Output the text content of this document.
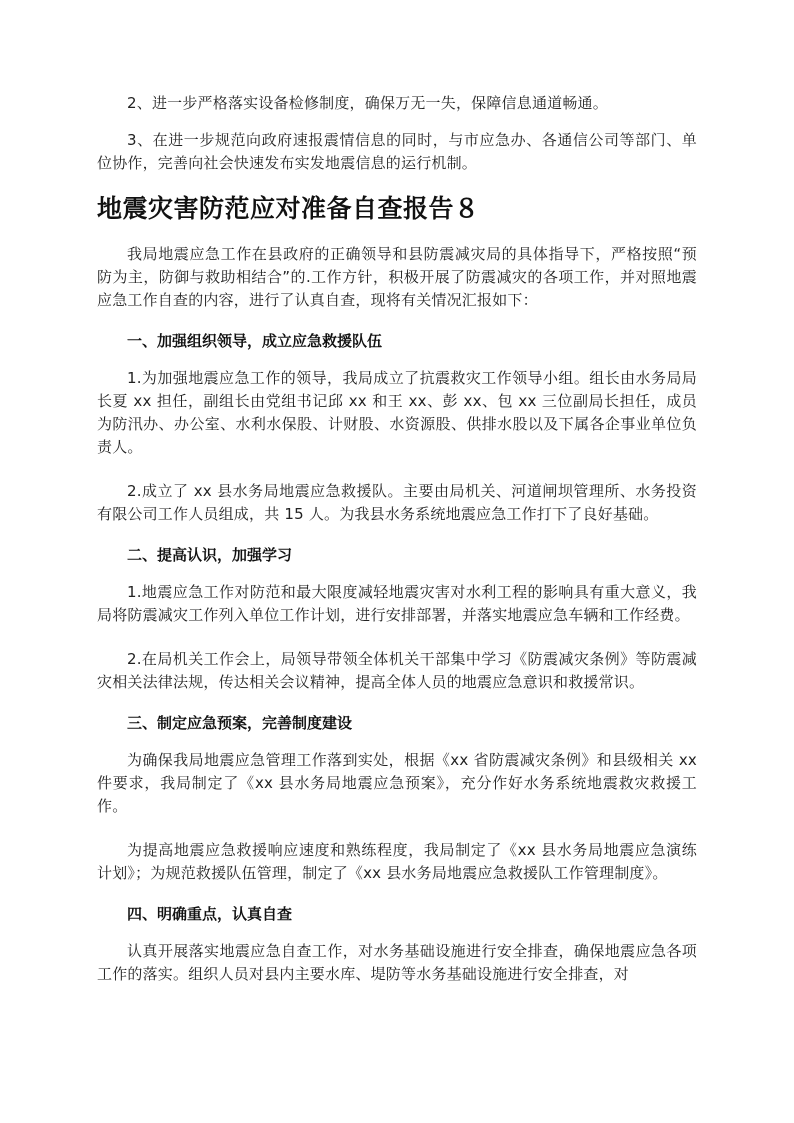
2、进一步严格落实设备检修制度，确保万无一失，保障信息通道畅通。

3、在进一步规范向政府速报震情信息的同时，与市应急办、各通信公司等部门、单位协作，完善向社会快速发布实发地震信息的运行机制。

地震灾害防范应对准备自查报告８

我局地震应急工作在县政府的正确领导和县防震减灾局的具体指导下，严格按照“预防为主，防御与救助相结合”的.工作方针，积极开展了防震减灾的各项工作，并对照地震应急工作自查的内容，进行了认真自查，现将有关情况汇报如下：

一、加强组织领导，成立应急救援队伍

1.为加强地震应急工作的领导，我局成立了抗震救灾工作领导小组。组长由水务局局长夏 xx 担任，副组长由党组书记邱 xx 和王 xx、彭 xx、包 xx 三位副局长担任，成员为防汛办、办公室、水利水保股、计财股、水资源股、供排水股以及下属各企事业单位负责人。

2.成立了 xx 县水务局地震应急救援队。主要由局机关、河道闸坝管理所、水务投资有限公司工作人员组成，共 15 人。为我县水务系统地震应急工作打下了良好基础。

二、提高认识，加强学习

1.地震应急工作对防范和最大限度减轻地震灾害对水利工程的影响具有重大意义，我局将防震减灾工作列入单位工作计划，进行安排部署，并落实地震应急车辆和工作经费。

2.在局机关工作会上，局领导带领全体机关干部集中学习《防震减灾条例》等防震减灾相关法律法规，传达相关会议精神，提高全体人员的地震应急意识和救援常识。

三、制定应急预案，完善制度建设

为确保我局地震应急管理工作落到实处，根据《xx 省防震减灾条例》和县级相关 xx 件要求，我局制定了《xx 县水务局地震应急预案》，充分作好水务系统地震救灾救援工作。

为提高地震应急救援响应速度和熟练程度，我局制定了《xx 县水务局地震应急演练计划》；为规范救援队伍管理，制定了《xx 县水务局地震应急救援队工作管理制度》。

四、明确重点，认真自查

认真开展落实地震应急自查工作，对水务基础设施进行安全排查，确保地震应急各项工作的落实。组织人员对县内主要水库、堤防等水务基础设施进行安全排查，对
